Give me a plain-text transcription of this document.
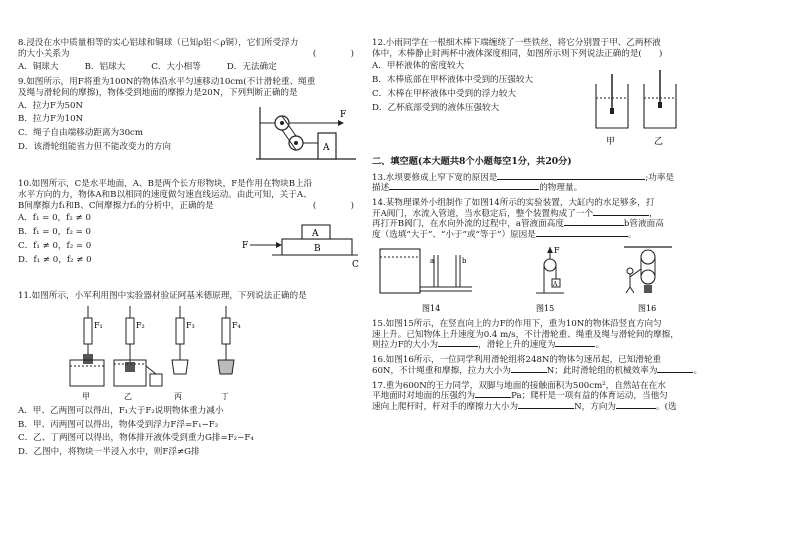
8.浸没在水中质量相等的实心铝球和铜球（已知ρ铝＜ρ铜），它们所受浮力
的大小关系为	(　　　　)
A．铜球大	B．铝球大	C．大小相等	D．无法确定
9.如图所示，用F将重为100N的物体沿水平匀速移动10cm(不计滑轮重、绳重
及绳与滑轮间的摩擦)，物体受到地面的摩擦力是20N，下列判断正确的是
A．拉力F为50N
B．拉力F为10N
C．绳子自由端移动距离为30cm
D．该滑轮组能省力但不能改变力的方向
F
A
10.如图所示，C是水平地面，A、B是两个长方形物块，F是作用在物块B上沿
水平方向的力，物体A和B以相同的速度做匀速直线运动。由此可知，关于A、
B间摩擦力f₁和B、C间摩擦力f₂的分析中，正确的是	(　　　　)
A．f₁ = 0，f₂ ≠ 0
B．f₁ = 0，f₂ = 0
C．f₁ ≠ 0，f₂ = 0
D．f₁ ≠ 0，f₂ ≠ 0
F
A
B
C
11.如图所示，小军利用图中实验器材验证阿基米德原理，下列说法正确的是
F₁
甲
F₂
乙
F₃
丙
F₄
丁
A．甲、乙两图可以得出，F₁大于F₂说明物体重力减小
B．甲、丙两图可以得出，物体受到浮力F浮=F₁−F₂
C．乙、丁两图可以得出，物体排开液体受到重力G排=F₂−F₄
D．乙图中，将物块一半浸入水中，则F浮≠G排
12.小雨同学在一根细木棒下端缠绕了一些铁丝，将它分别置于甲、乙两杯液
体中，木棒静止时两杯中液体深度相同，如图所示则下列说法正确的是(　　)
A．甲杯液体的密度较大
B．木棒底部在甲杯液体中受到的压强较大
C．木棒在甲杯液体中受到的浮力较大
D．乙杯底部受到的液体压强较大
甲	乙
二、填空题(本大题共8个小题每空1分，共20分)
13.水坝要修成上窄下宽的原因是	;功率是
描述	的物理量。
14.某物理课外小组制作了如图14所示的实验装置，大缸内的水足够多，打
开A阀门，水流入管道，当水稳定后，整个装置构成了一个	，
再打开B阀门，在水向外流的过程中，a管液面高度	b管液面高
度（选填“大于”、“小于”或“等于”）原因是	。
a	b
图14
F
A
图15	图16
15.如图15所示，在竖直向上的力F的作用下，重为10N的物体沿竖直方向匀
速上升。已知物体上升速度为0.4 m/s，不计滑轮重、绳重及绳与滑轮间的摩擦，
则拉力F的大小为	，滑轮上升的速度为	。
16.如图16所示，一位同学利用滑轮组将248N的物体匀速吊起，已知滑轮重
60N，不计绳重和摩擦，拉力大小为	N；此时滑轮组的机械效率为	。
17.重为600N的王力同学，双脚与地面的接触面积为500cm²，自然站在在水
平地面时对地面的压强约为	Pa；爬杆是一项有益的体育运动，当他匀
速向上爬杆时，杆对手的摩擦力大小为	N，方向为	。(选
